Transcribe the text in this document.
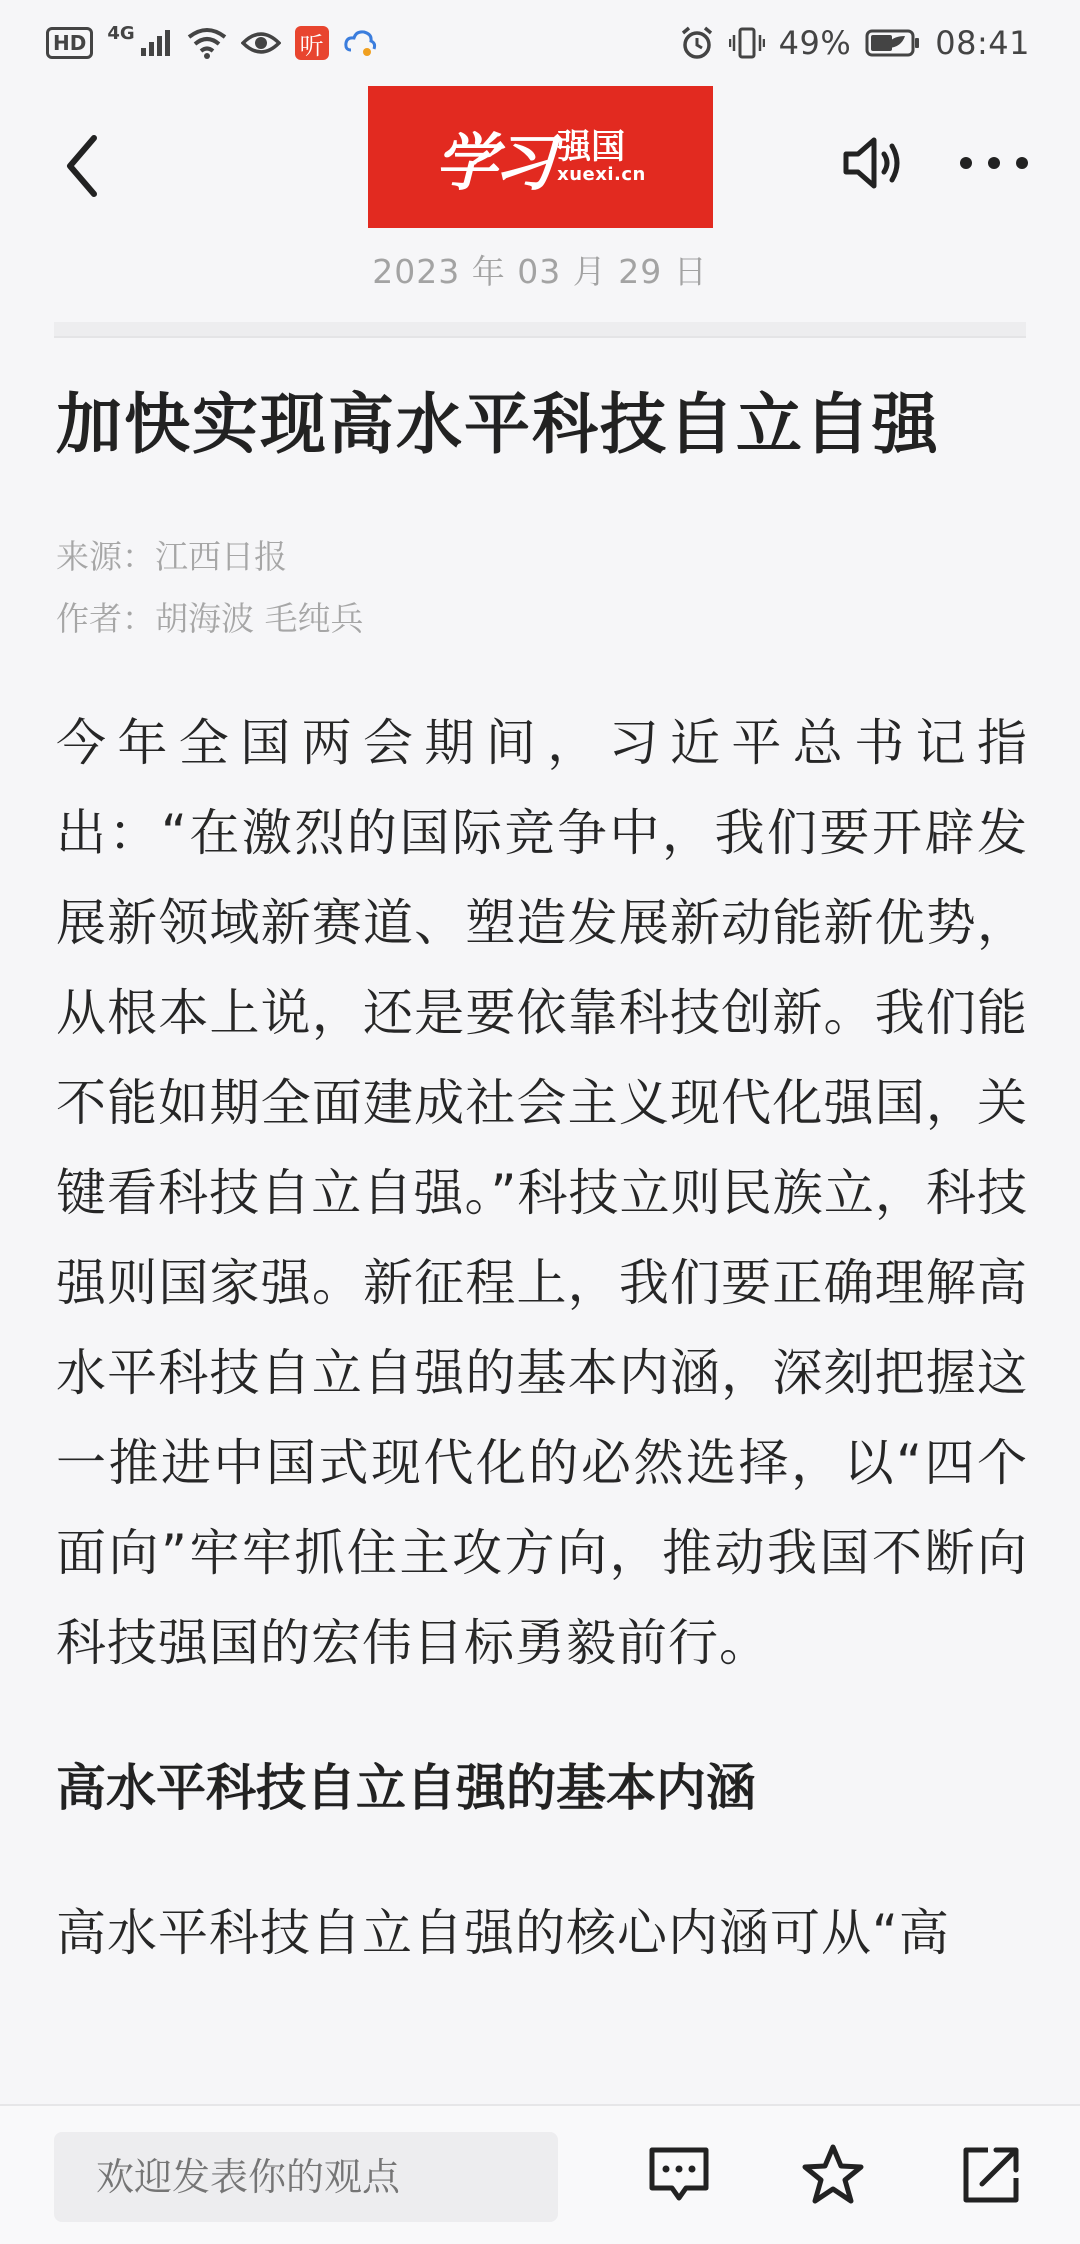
HD	4G	听	49%	08:41
学习 强国
xuexi.cn
2023 年 03 月 29 日
加快实现高水平科技自立自强
来源：江西日报
作者：胡海波 毛纯兵
今年全国两会期间，习近平总书记指出：“在激烈的国际竞争中，我们要开辟发展新领域新赛道、塑造发展新动能新优势，从根本上说，还是要依靠科技创新。我们能不能如期全面建成社会主义现代化强国，关键看科技自立自强。”科技立则民族立，科技强则国家强。新征程上，我们要正确理解高水平科技自立自强的基本内涵，深刻把握这一推进中国式现代化的必然选择，以“四个面向”牢牢抓住主攻方向，推动我国不断向科技强国的宏伟目标勇毅前行。
高水平科技自立自强的基本内涵
高水平科技自立自强的核心内涵可从“高
欢迎发表你的观点
